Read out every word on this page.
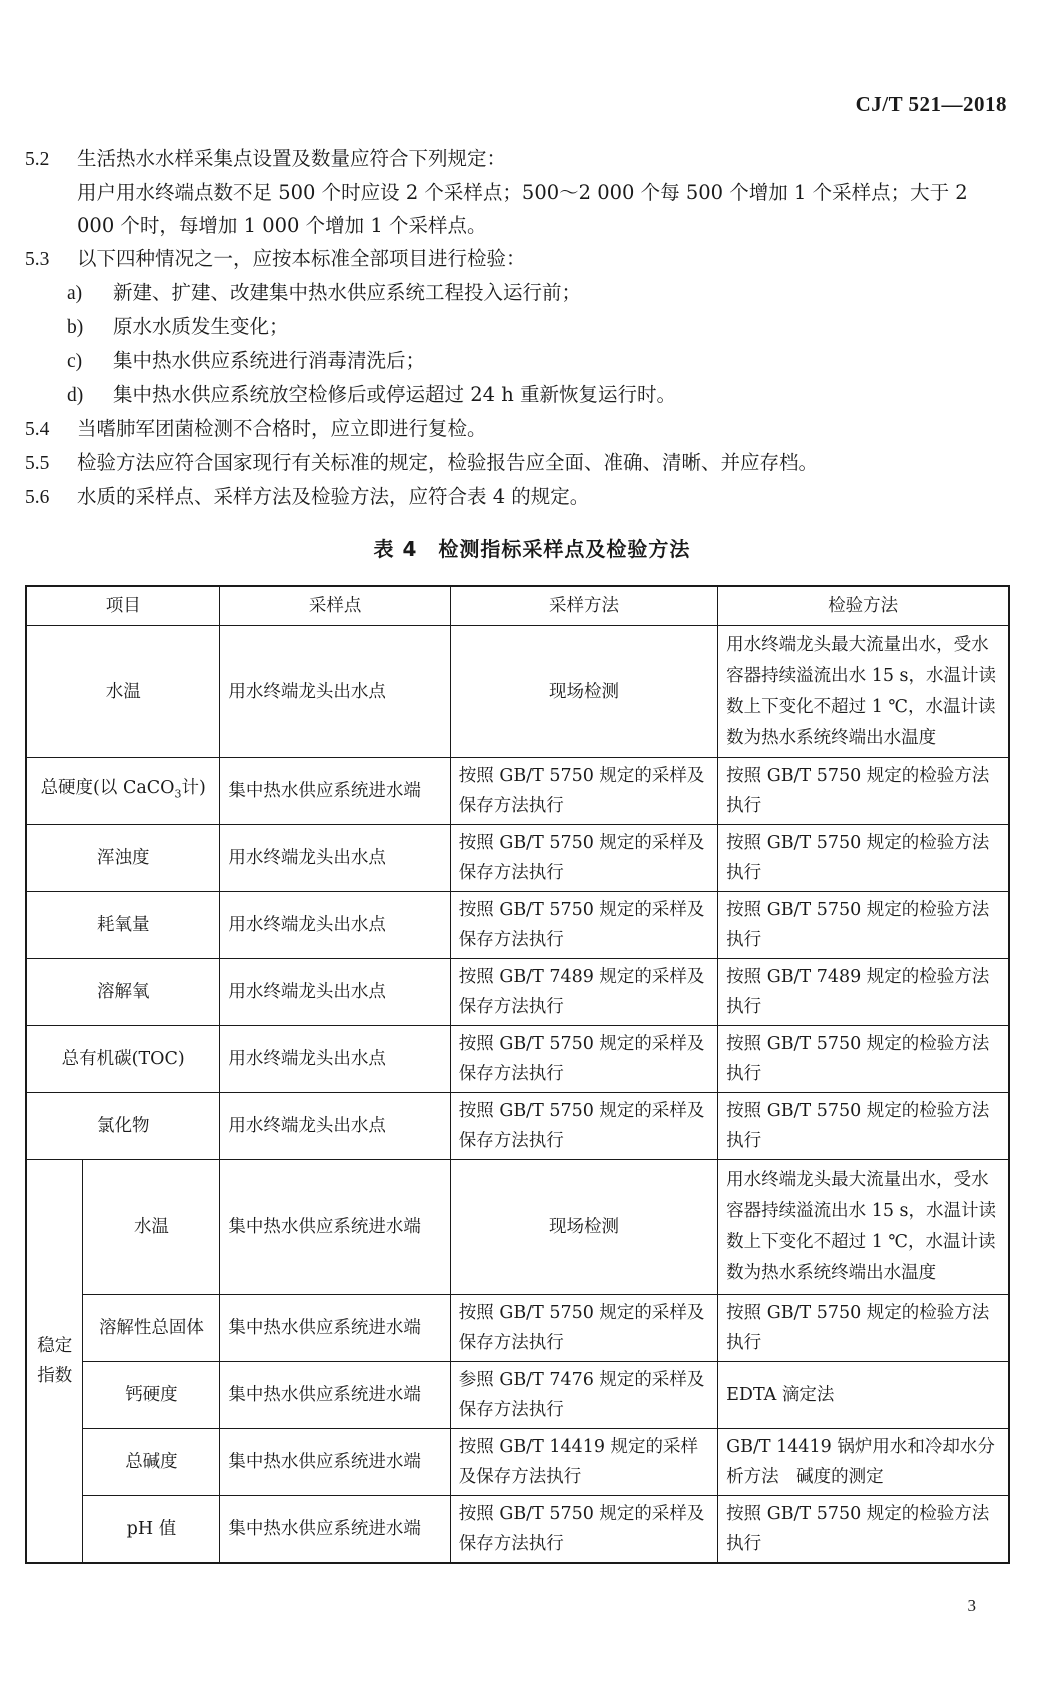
CJ/T 521—2018
5.2 生活热水水样采集点设置及数量应符合下列规定：
用户用水终端点数不足 500 个时应设 2 个采样点；500～2 000 个每 500 个增加 1 个采样点；大于 2 000 个时，每增加 1 000 个增加 1 个采样点。
5.3 以下四种情况之一，应按本标准全部项目进行检验：
a) 新建、扩建、改建集中热水供应系统工程投入运行前；
b) 原水水质发生变化；
c) 集中热水供应系统进行消毒清洗后；
d) 集中热水供应系统放空检修后或停运超过 24 h 重新恢复运行时。
5.4 当嗜肺军团菌检测不合格时，应立即进行复检。
5.5 检验方法应符合国家现行有关标准的规定，检验报告应全面、准确、清晰、并应存档。
5.6 水质的采样点、采样方法及检验方法，应符合表 4 的规定。
表 4　检测指标采样点及检验方法
项目		采样点	采样方法	检验方法
水温		用水终端龙头出水点	现场检测	用水终端龙头最大流量出水，受水容器持续溢流出水 15 s，水温计读数上下变化不超过 1 ℃，水温计读数为热水系统终端出水温度
总硬度(以 CaCO$_3$计)		集中热水供应系统进水端	按照 GB/T 5750 规定的采样及保存方法执行	按照 GB/T 5750 规定的检验方法执行
浑浊度		用水终端龙头出水点	按照 GB/T 5750 规定的采样及保存方法执行	按照 GB/T 5750 规定的检验方法执行
耗氧量		用水终端龙头出水点	按照 GB/T 5750 规定的采样及保存方法执行	按照 GB/T 5750 规定的检验方法执行
溶解氧		用水终端龙头出水点	按照 GB/T 7489 规定的采样及保存方法执行	按照 GB/T 7489 规定的检验方法执行
总有机碳(TOC)		用水终端龙头出水点	按照 GB/T 5750 规定的采样及保存方法执行	按照 GB/T 5750 规定的检验方法执行
氯化物		用水终端龙头出水点	按照 GB/T 5750 规定的采样及保存方法执行	按照 GB/T 5750 规定的检验方法执行
稳定指数	水温	集中热水供应系统进水端	现场检测	用水终端龙头最大流量出水，受水容器持续溢流出水 15 s，水温计读数上下变化不超过 1 ℃，水温计读数为热水系统终端出水温度
	溶解性总固体	集中热水供应系统进水端	按照 GB/T 5750 规定的采样及保存方法执行	按照 GB/T 5750 规定的检验方法执行
	钙硬度	集中热水供应系统进水端	参照 GB/T 7476 规定的采样及保存方法执行	EDTA 滴定法
	总碱度	集中热水供应系统进水端	按照 GB/T 14419 规定的采样及保存方法执行	GB/T 14419 锅炉用水和冷却水分析方法　碱度的测定
	pH 值	集中热水供应系统进水端	按照 GB/T 5750 规定的采样及保存方法执行	按照 GB/T 5750 规定的检验方法执行
3
